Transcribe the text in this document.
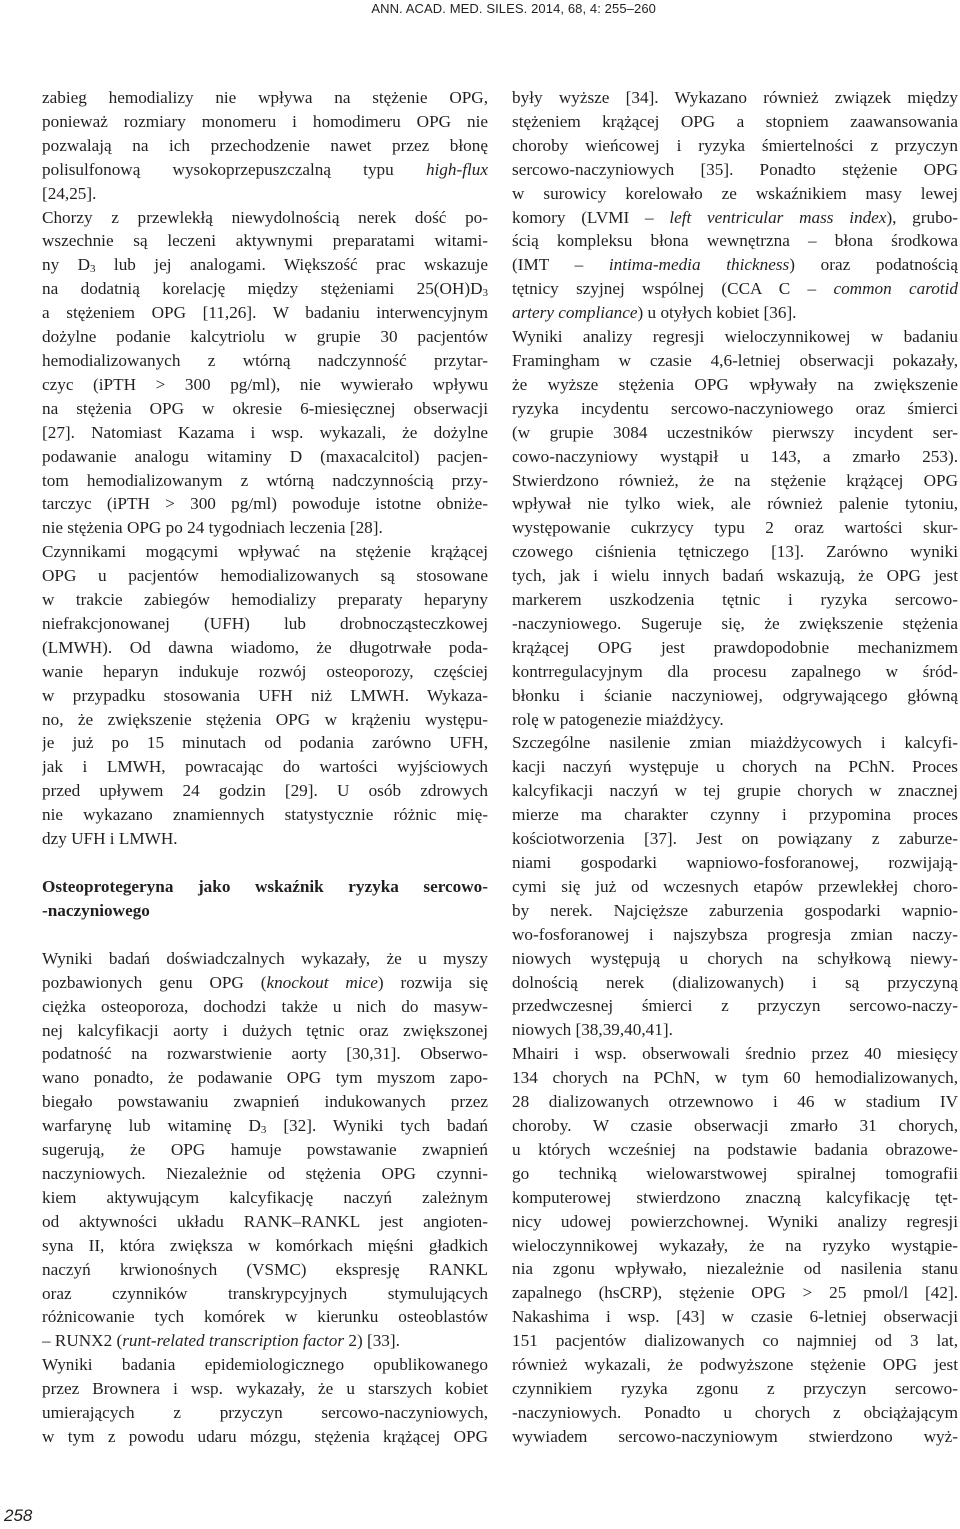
ANN. ACAD. MED. SILES. 2014, 68, 4: 255–260
zabieg hemodializy nie wpływa na stężenie OPG,
ponieważ rozmiary monomeru i homodimeru OPG nie
pozwalają na ich przechodzenie nawet przez błonę
polisulfonową wysokoprzepuszczalną typu high-flux
[24,25].
Chorzy z przewlekłą niewydolnością nerek dość po-
wszechnie są leczeni aktywnymi preparatami witami-
ny $D_3$ lub jej analogami. Większość prac wskazuje
na dodatnią korelację między stężeniami $25(OH)D_3$
a stężeniem OPG [11,26]. W badaniu interwencyjnym
dożylne podanie kalcytriolu w grupie 30 pacjentów
hemodializowanych z wtórną nadczynność przytar-
czyc (iPTH > 300 pg/ml), nie wywierało wpływu
na stężenia OPG w okresie 6-miesięcznej obserwacji
[27]. Natomiast Kazama i wsp. wykazali, że dożylne
podawanie analogu witaminy D (maxacalcitol) pacjen-
tom hemodializowanym z wtórną nadczynnością przy-
tarczyc (iPTH > 300 pg/ml) powoduje istotne obniże-
nie stężenia OPG po 24 tygodniach leczenia [28].
Czynnikami mogącymi wpływać na stężenie krążącej
OPG u pacjentów hemodializowanych są stosowane
w trakcie zabiegów hemodializy preparaty heparyny
niefrakcjonowanej (UFH) lub drobnocząsteczkowej
(LMWH). Od dawna wiadomo, że długotrwałe poda-
wanie heparyn indukuje rozwój osteoporozy, częściej
w przypadku stosowania UFH niż LMWH. Wykaza-
no, że zwiększenie stężenia OPG w krążeniu występu-
je już po 15 minutach od podania zarówno UFH,
jak i LMWH, powracając do wartości wyjściowych
przed upływem 24 godzin [29]. U osób zdrowych
nie wykazano znamiennych statystycznie różnic mię-
dzy UFH i LMWH.
Osteoprotegeryna jako wskaźnik ryzyka sercowo-
-naczyniowego
Wyniki badań doświadczalnych wykazały, że u myszy
pozbawionych genu OPG (knockout mice) rozwija się
ciężka osteoporoza, dochodzi także u nich do masyw-
nej kalcyfikacji aorty i dużych tętnic oraz zwiększonej
podatność na rozwarstwienie aorty [30,31]. Obserwo-
wano ponadto, że podawanie OPG tym myszom zapo-
biegało powstawaniu zwapnień indukowanych przez
warfarynę lub witaminę $D_3$ [32]. Wyniki tych badań
sugerują, że OPG hamuje powstawanie zwapnień
naczyniowych. Niezależnie od stężenia OPG czynni-
kiem aktywującym kalcyfikację naczyń zależnym
od aktywności układu RANK–RANKL jest angioten-
syna II, która zwiększa w komórkach mięśni gładkich
naczyń krwionośnych (VSMC) ekspresję RANKL
oraz czynników transkrypcyjnych stymulujących
różnicowanie tych komórek w kierunku osteoblastów
– RUNX2 (runt-related transcription factor 2) [33].
Wyniki badania epidemiologicznego opublikowanego
przez Brownera i wsp. wykazały, że u starszych kobiet
umierających z przyczyn sercowo-naczyniowych,
w tym z powodu udaru mózgu, stężenia krążącej OPG
były wyższe [34]. Wykazano również związek między
stężeniem krążącej OPG a stopniem zaawansowania
choroby wieńcowej i ryzyka śmiertelności z przyczyn
sercowo-naczyniowych [35]. Ponadto stężenie OPG
w surowicy korelowało ze wskaźnikiem masy lewej
komory (LVMI – left ventricular mass index), grubo-
ścią kompleksu błona wewnętrzna – błona środkowa
(IMT – intima-media thickness) oraz podatnością
tętnicy szyjnej wspólnej (CCA C – common carotid
artery compliance) u otyłych kobiet [36].
Wyniki analizy regresji wieloczynnikowej w badaniu
Framingham w czasie 4,6-letniej obserwacji pokazały,
że wyższe stężenia OPG wpływały na zwiększenie
ryzyka incydentu sercowo-naczyniowego oraz śmierci
(w grupie 3084 uczestników pierwszy incydent ser-
cowo-naczyniowy wystąpił u 143, a zmarło 253).
Stwierdzono również, że na stężenie krążącej OPG
wpływał nie tylko wiek, ale również palenie tytoniu,
występowanie cukrzycy typu 2 oraz wartości skur-
czowego ciśnienia tętniczego [13]. Zarówno wyniki
tych, jak i wielu innych badań wskazują, że OPG jest
markerem uszkodzenia tętnic i ryzyka sercowo-
-naczyniowego. Sugeruje się, że zwiększenie stężenia
krążącej OPG jest prawdopodobnie mechanizmem
kontrregulacyjnym dla procesu zapalnego w śród-
błonku i ścianie naczyniowej, odgrywającego główną
rolę w patogenezie miażdżycy.
Szczególne nasilenie zmian miażdżycowych i kalcyfi-
kacji naczyń występuje u chorych na PChN. Proces
kalcyfikacji naczyń w tej grupie chorych w znacznej
mierze ma charakter czynny i przypomina proces
kościotworzenia [37]. Jest on powiązany z zaburze-
niami gospodarki wapniowo-fosforanowej, rozwijają-
cymi się już od wczesnych etapów przewlekłej choro-
by nerek. Najcięższe zaburzenia gospodarki wapnio-
wo-fosforanowej i najszybsza progresja zmian naczy-
niowych występują u chorych na schyłkową niewy-
dolnością nerek (dializowanych) i są przyczyną
przedwczesnej śmierci z przyczyn sercowo-naczy-
niowych [38,39,40,41].
Mhairi i wsp. obserwowali średnio przez 40 miesięcy
134 chorych na PChN, w tym 60 hemodializowanych,
28 dializowanych otrzewnowo i 46 w stadium IV
choroby. W czasie obserwacji zmarło 31 chorych,
u których wcześniej na podstawie badania obrazowe-
go techniką wielowarstwowej spiralnej tomografii
komputerowej stwierdzono znaczną kalcyfikację tęt-
nicy udowej powierzchownej. Wyniki analizy regresji
wieloczynnikowej wykazały, że na ryzyko wystąpie-
nia zgonu wpływało, niezależnie od nasilenia stanu
zapalnego (hsCRP), stężenie OPG > 25 pmol/l [42].
Nakashima i wsp. [43] w czasie 6-letniej obserwacji
151 pacjentów dializowanych co najmniej od 3 lat,
również wykazali, że podwyższone stężenie OPG jest
czynnikiem ryzyka zgonu z przyczyn sercowo-
-naczyniowych. Ponadto u chorych z obciążającym
wywiadem sercowo-naczyniowym stwierdzono wyż-
258
